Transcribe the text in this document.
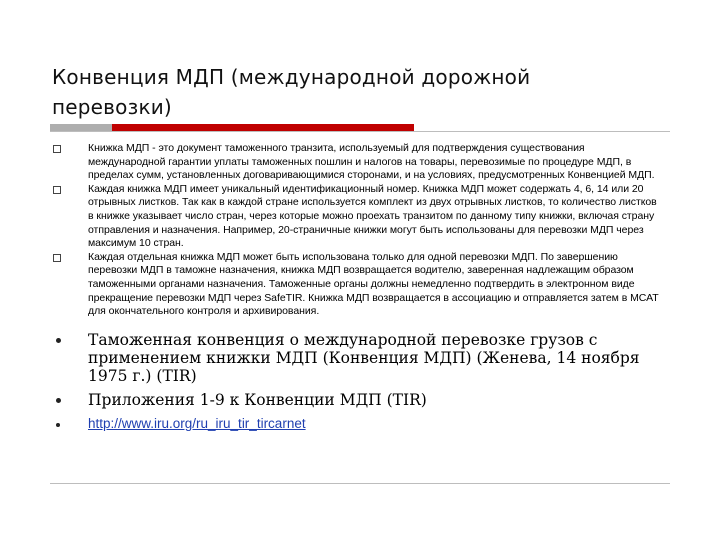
Конвенция МДП (международной дорожной перевозки)
Книжка МДП - это документ таможенного транзита, используемый для подтверждения существования международной гарантии уплаты таможенных пошлин и налогов на товары, перевозимые по процедуре МДП, в пределах сумм, установленных договаривающимися сторонами, и на условиях, предусмотренных Конвенцией МДП.
Каждая книжка МДП имеет уникальный идентификационный номер. Книжка МДП может содержать 4, 6, 14 или 20 отрывных листков. Так как в каждой стране используется комплект из двух отрывных листков, то количество листков в книжке указывает число стран, через которые можно проехать транзитом по данному типу книжки, включая страну отправления и назначения. Например, 20-страничные книжки могут быть использованы для перевозки МДП через максимум 10 стран.
Каждая отдельная книжка МДП может быть использована только для одной перевозки МДП. По завершению перевозки МДП в таможне назначения, книжка МДП возвращается водителю, заверенная надлежащим образом таможенными органами назначения. Таможенные органы должны немедленно подтвердить в электронном виде прекращение перевозки МДП через SafeTIR. Книжка МДП возвращается в ассоциацию и отправляется затем в МСАТ для окончательного контроля и архивирования.
Таможенная конвенция о международной перевозке грузов с применением книжки МДП (Конвенция МДП) (Женева, 14 ноября 1975 г.) (TIR)
Приложения 1-9 к Конвенции МДП (TIR)
http://www.iru.org/ru_iru_tir_tircarnet
